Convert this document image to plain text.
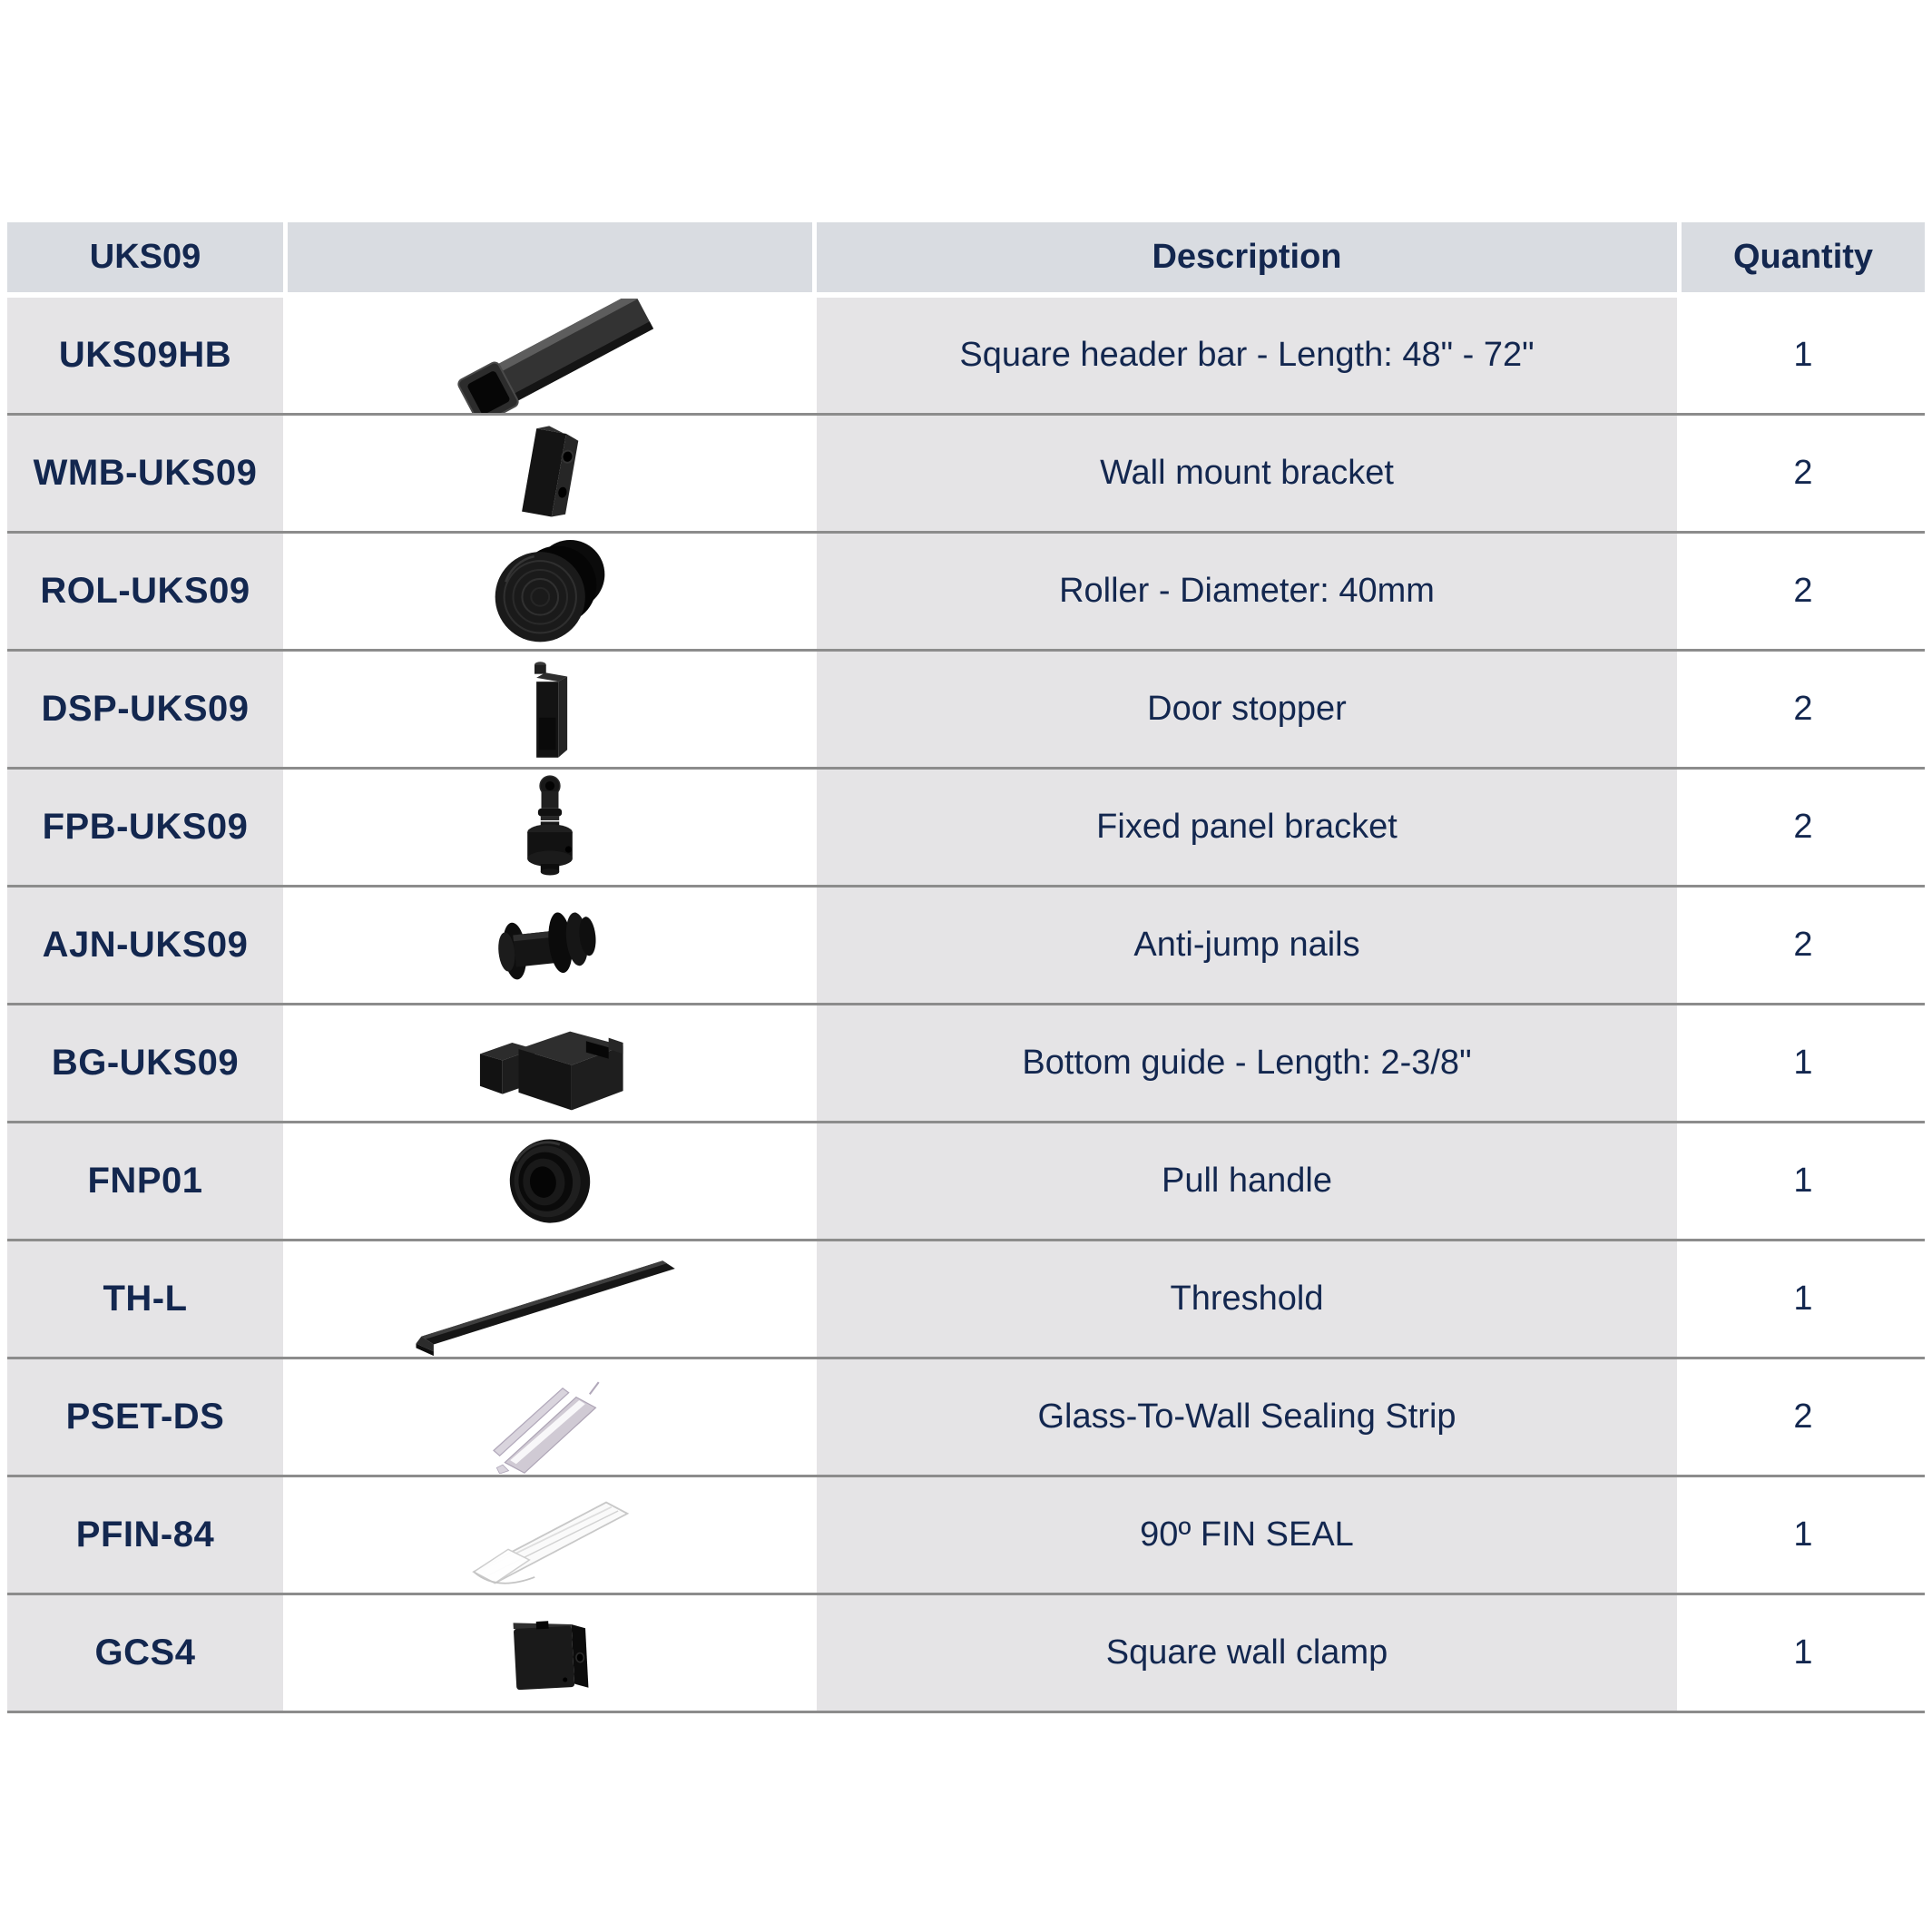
UKS09	Description	Quantity
UKS09HB	Square header bar - Length: 48" - 72"	1
WMB-UKS09	Wall mount bracket	2
ROL-UKS09	Roller - Diameter: 40mm	2
DSP-UKS09	Door stopper	2
FPB-UKS09	Fixed panel bracket	2
AJN-UKS09	Anti-jump nails	2
BG-UKS09	Bottom guide - Length: 2-3/8"	1
FNP01	Pull handle	1
TH-L	Threshold	1
PSET-DS	Glass-To-Wall Sealing Strip	2
PFIN-84	90º FIN SEAL	1
GCS4	Square wall clamp	1
